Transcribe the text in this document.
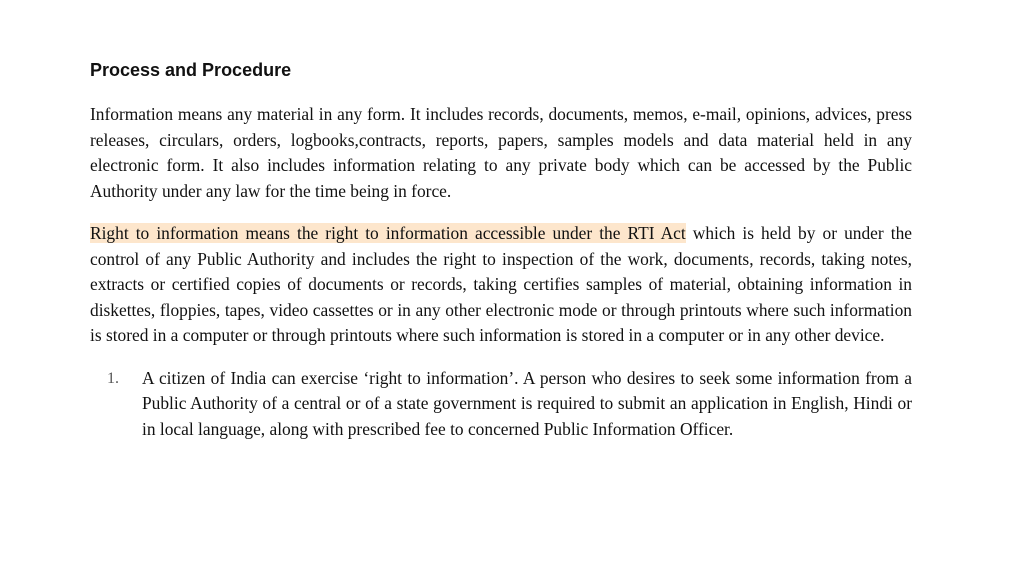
Process and Procedure

Information means any material in any form. It includes records, documents, memos, e-mail, opinions, advices, press releases, circulars, orders, logbooks,contracts, reports, papers, samples models and data material held in any electronic form. It also includes information relating to any private body which can be accessed by the Public Authority under any law for the time being in force.

Right to information means the right to information accessible under the RTI Act which is held by or under the control of any Public Authority and includes the right to inspection of the work, documents, records, taking notes, extracts or certified copies of documents or records, taking certifies samples of material, obtaining information in diskettes, floppies, tapes, video cassettes or in any other electronic mode or through printouts where such information is stored in a computer or through printouts where such information is stored in a computer or in any other device.

1.	A citizen of India can exercise ‘right to information’. A person who desires to seek some information from a Public Authority of a central or of a state government is required to submit an application in English, Hindi or in local language, along with prescribed fee to concerned Public Information Officer.
